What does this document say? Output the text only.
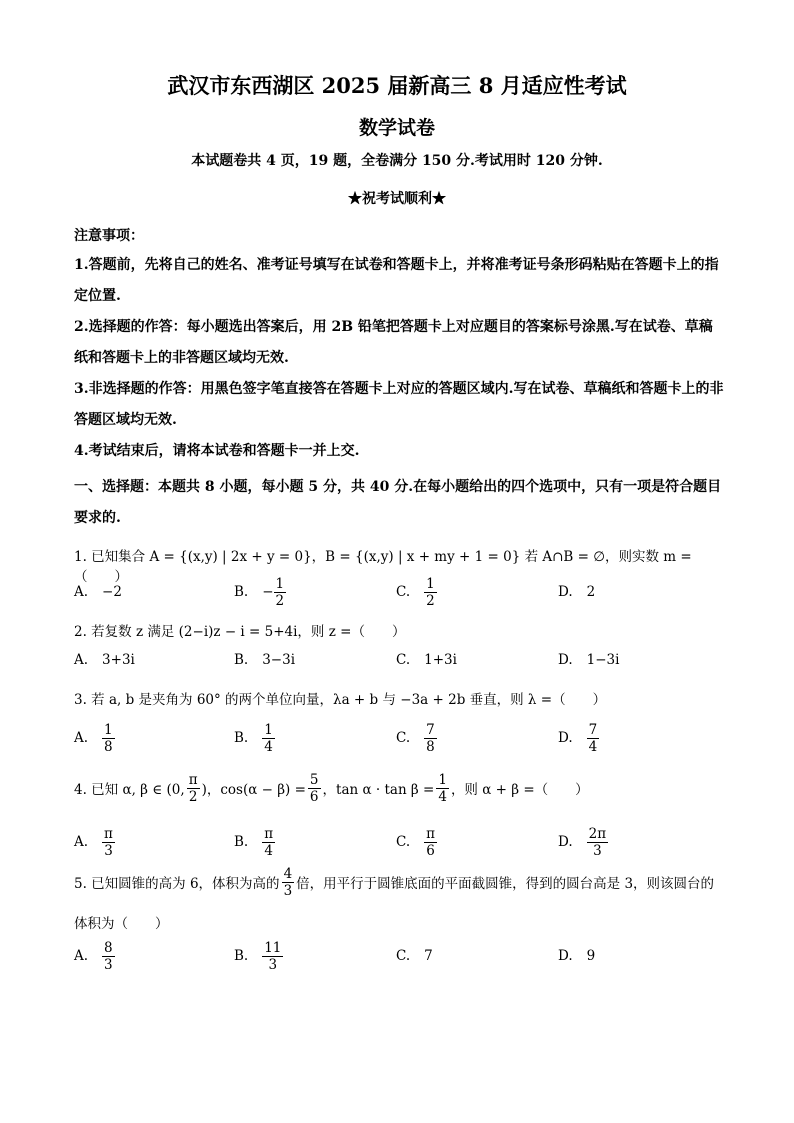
武汉市东西湖区 2025 届新高三 8 月适应性考试
数学试卷
本试题卷共 4 页，19 题，全卷满分 150 分.考试用时 120 分钟.
★祝考试顺利★
注意事项：
1.答题前，先将自己的姓名、准考证号填写在试卷和答题卡上，并将准考证号条形码粘贴在答题卡上的指定位置.
2.选择题的作答：每小题选出答案后，用 2B 铅笔把答题卡上对应题目的答案标号涂黑.写在试卷、草稿纸和答题卡上的非答题区域均无效.
3.非选择题的作答：用黑色签字笔直接答在答题卡上对应的答题区域内.写在试卷、草稿纸和答题卡上的非答题区域均无效.
4.考试结束后，请将本试卷和答题卡一并上交.
一、选择题：本题共 8 小题，每小题 5 分，共 40 分.在每小题给出的四个选项中，只有一项是符合题目要求的.
1. 已知集合 A = {(x,y) | 2x + y = 0}，B = {(x,y) | x + my + 1 = 0} 若 A∩B = ∅，则实数 m =（　　）
A. −2	B. − $\frac{1}{2}$	C. $\frac{1}{2}$	D. 2
2. 若复数 z 满足 (2−i)z − i = 5+4i，则 z =（　　）
A. 3+3i	B. 3−3i	C. 1+3i	D. 1−3i
3. 若 a, b 是夹角为 60° 的两个单位向量，λa + b 与 −3a + 2b 垂直，则 λ =（　　）
A. $\frac{1}{8}$	B. $\frac{1}{4}$	C. $\frac{7}{8}$	D. $\frac{7}{4}$
4. 已知 α, β ∈ (0, $\frac{\pi}{2}$ )，$\cos(\alpha - \beta) = \frac{5}{6}$ ，$\tan \alpha \cdot \tan \beta = \frac{1}{4}$ ，则 α + β =（　　）
A. $\frac{\pi}{3}$	B. $\frac{\pi}{4}$	C. $\frac{\pi}{6}$	D. $\frac{2\pi}{3}$
5. 已知圆锥的高为 6，体积为高的 $\frac{4}{3}$ 倍，用平行于圆锥底面的平面截圆锥，得到的圆台高是 3，则该圆台的
体积为（　　）
A. $\frac{8}{3}$	B. $\frac{11}{3}$	C. 7	D. 9
